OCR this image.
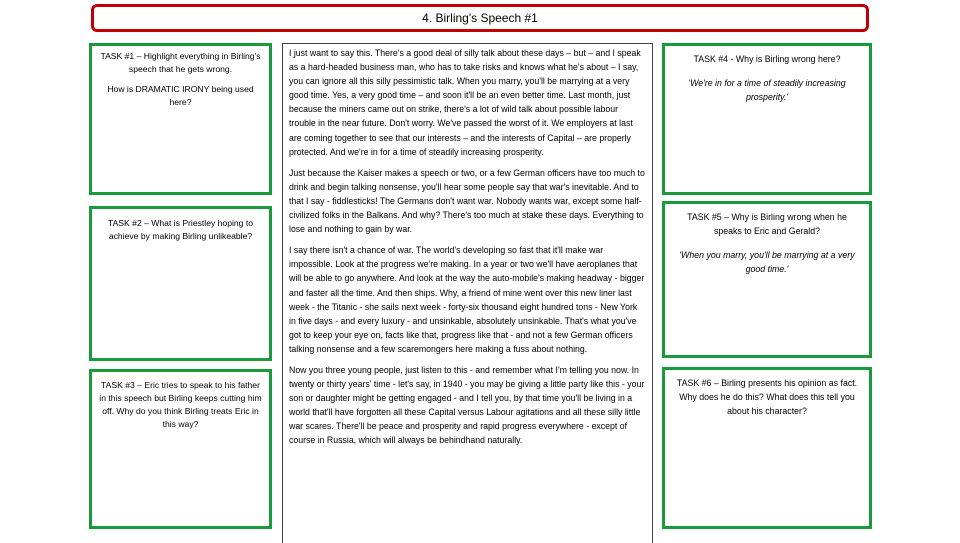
4. Birling's Speech #1

TASK #1 – Highlight everything in Birling's speech that he gets wrong.

How is DRAMATIC IRONY being used here?

TASK #2 – What is Priestley hoping to achieve by making Birling unlikeable?

TASK #3 – Eric tries to speak to his father in this speech but Birling keeps cutting him off. Why do you think Birling treats Eric in this way?

I just want to say this. There's a good deal of silly talk about these days – but – and I speak as a hard-headed business man, who has to take risks and knows what he's about – I say, you can ignore all this silly pessimistic talk. When you marry, you'll be marrying at a very good time. Yes, a very good time – and soon it'll be an even better time. Last month, just because the miners came out on strike, there's a lot of wild talk about possible labour trouble in the near future. Don't worry. We've passed the worst of it. We employers at last are coming together to see that our interests – and the interests of Capital – are properly protected. And we're in for a time of steadily increasing prosperity.

Just because the Kaiser makes a speech or two, or a few German officers have too much to drink and begin talking nonsense, you'll hear some people say that war's inevitable. And to that I say - fiddlesticks! The Germans don't want war. Nobody wants war, except some half-civilized folks in the Balkans. And why? There's too much at stake these days. Everything to lose and nothing to gain by war.

I say there isn't a chance of war. The world's developing so fast that it'll make war impossible. Look at the progress we're making. In a year or two we'll have aeroplanes that will be able to go anywhere. And look at the way the auto-mobile's making headway - bigger and faster all the time. And then ships. Why, a friend of mine went over this new liner last week - the Titanic - she sails next week - forty-six thousand eight hundred tons - New York in five days - and every luxury - and unsinkable, absolutely unsinkable. That's what you've got to keep your eye on, facts like that, progress like that - and not a few German officers talking nonsense and a few scaremongers here making a fuss about nothing.

Now you three young people, just listen to this - and remember what I'm telling you now. In twenty or thirty years' time - let's say, in 1940 - you may be giving a little party like this - your son or daughter might be getting engaged - and I tell you, by that time you'll be living in a world that'll have forgotten all these Capital versus Labour agitations and all these silly little war scares. There'll be peace and prosperity and rapid progress everywhere - except of course in Russia, which will always be behindhand naturally.

TASK #4 - Why is Birling wrong here?
'We're in for a time of steadily increasing prosperity.'
TASK #5 – Why is Birling wrong when he speaks to Eric and Gerald?
'When you marry, you'll be marrying at a very good time.'
TASK #6 – Birling presents his opinion as fact. Why does he do this? What does this tell you about his character?
